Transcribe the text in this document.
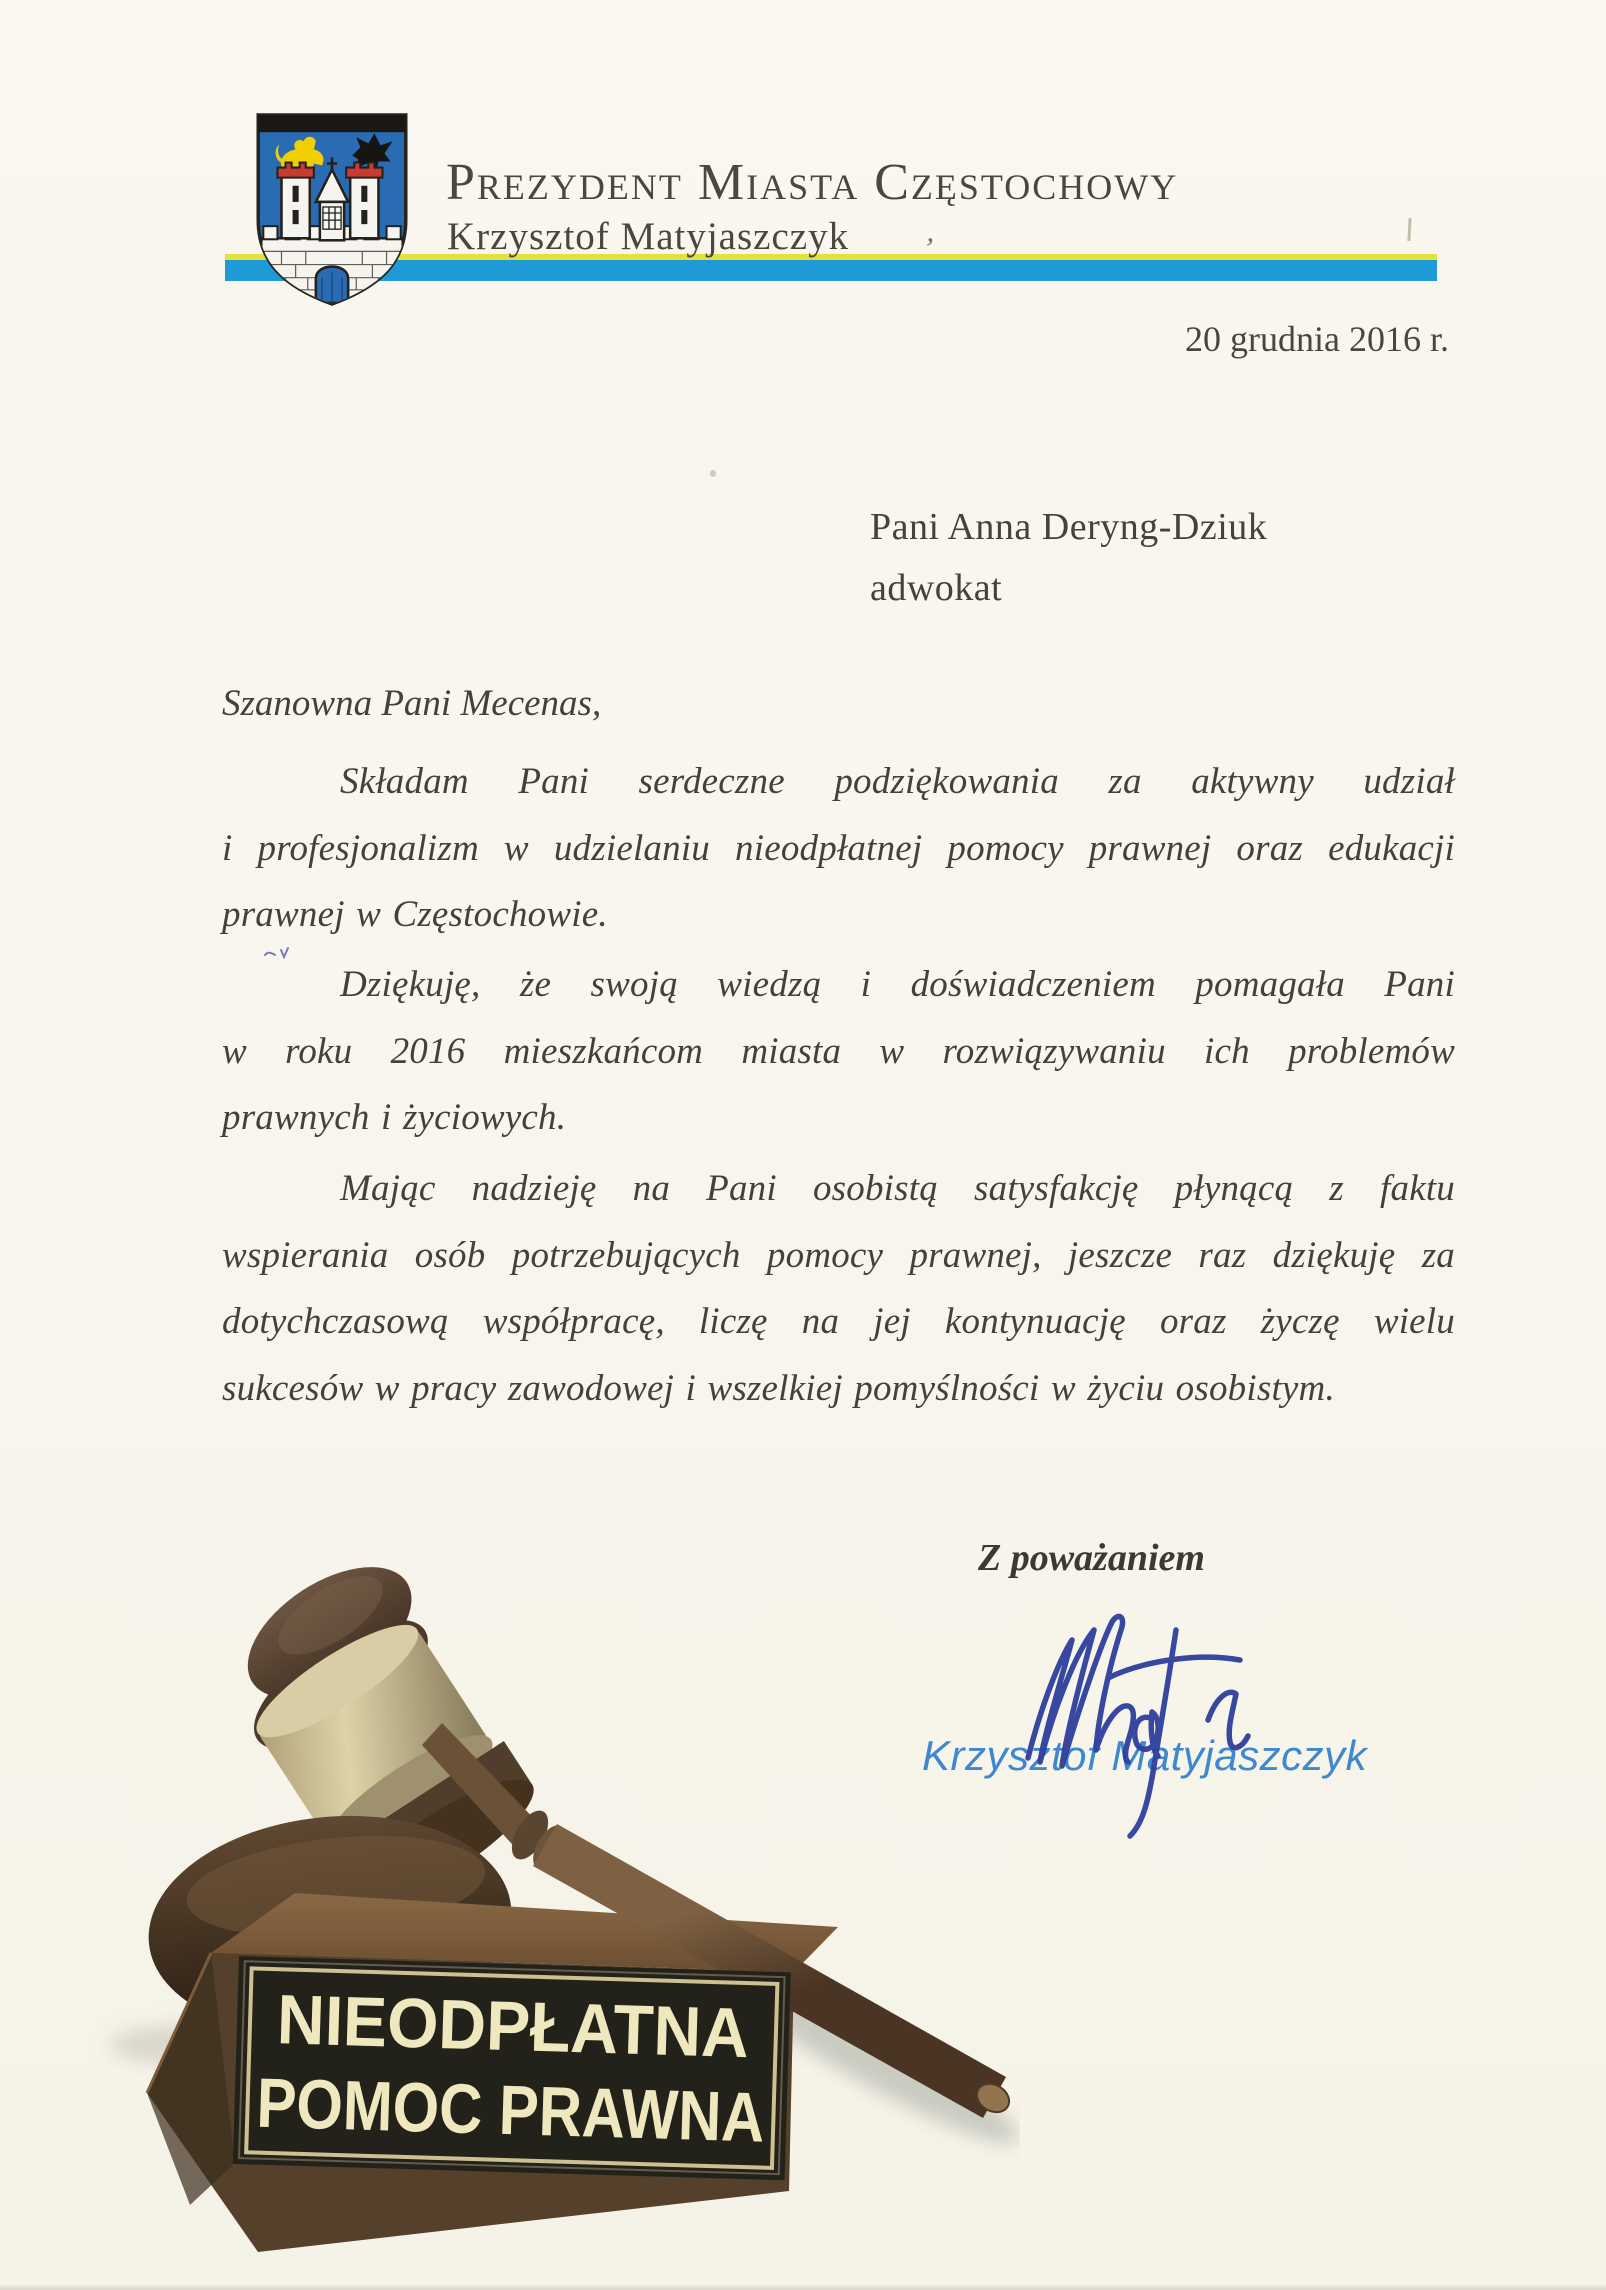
Prezydent Miasta Częstochowy
Krzysztof Matyjaszczyk
20 grudnia 2016 r.
Pani Anna Deryng-Dziuk
adwokat
Szanowna Pani Mecenas,
Składam Pani serdeczne podziękowania za aktywny udział
i profesjonalizm w udzielaniu nieodpłatnej pomocy prawnej oraz edukacji
prawnej w Częstochowie.
Dziękuję, że swoją wiedzą i doświadczeniem pomagała Pani
w roku 2016 mieszkańcom miasta w rozwiązywaniu ich problemów
prawnych i życiowych.
Mając nadzieję na Pani osobistą satysfakcję płynącą z faktu
wspierania osób potrzebujących pomocy prawnej, jeszcze raz dziękuję za
dotychczasową współpracę, liczę na jej kontynuację oraz życzę wielu
sukcesów w pracy zawodowej i wszelkiej pomyślności w życiu osobistym.
Z poważaniem
Krzysztof Matyjaszczyk
NIEODPŁATNA
POMOC PRAWNA
’
